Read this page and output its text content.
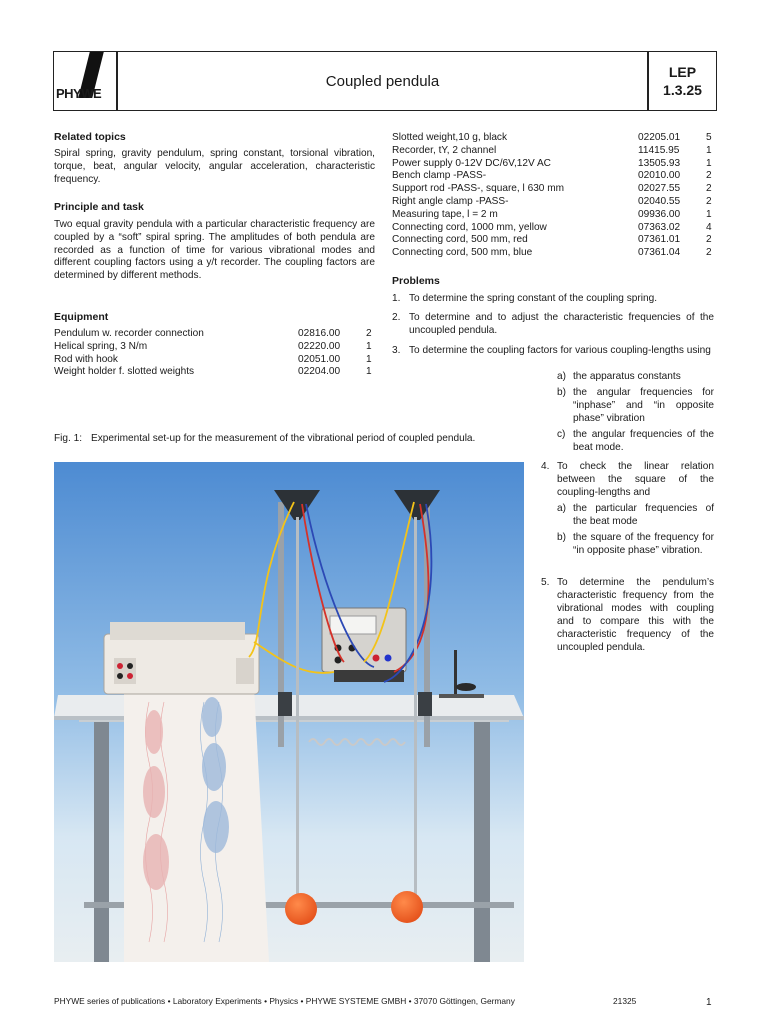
PHYWE
Coupled pendula
LEP
1.3.25
Related topics
Spiral spring, gravity pendulum, spring constant, torsional vibration, torque, beat, angular velocity, angular acceleration, characteristic frequency.
Principle and task
Two equal gravity pendula with a particular characteristic frequency are coupled by a “soft” spiral spring. The amplitudes of both pendula are recorded as a function of time for various vibrational modes and different coupling factors using a y/t recorder. The coupling factors are determined by different methods.
Equipment
Pendulum w. recorder connection	02816.00	2
Helical spring, 3 N/m	02220.00	1
Rod with hook	02051.00	1
Weight holder f. slotted weights	02204.00	1
Slotted weight,10 g, black	02205.01	5
Recorder, tY, 2 channel	11415.95	1
Power supply 0-12V DC/6V,12V AC	13505.93	1
Bench clamp -PASS-	02010.00	2
Support rod -PASS-, square, l 630 mm	02027.55	2
Right angle clamp -PASS-	02040.55	2
Measuring tape, l = 2 m	09936.00	1
Connecting cord, 1000 mm, yellow	07363.02	4
Connecting cord, 500 mm, red	07361.01	2
Connecting cord, 500 mm, blue	07361.04	2
Problems
1. To determine the spring constant of the coupling spring.
2. To determine and to adjust the characteristic frequencies of the uncoupled pendula.
3. To determine the coupling factors for various coupling-lengths using
a) the apparatus constants
b) the angular frequencies for “inphase” and “in opposite phase” vibration
c) the angular frequencies of the beat mode.
4. To check the linear relation between the square of the coupling-lengths and
a) the particular frequencies of the beat mode
b) the square of the frequency for “in opposite phase” vibration.
5. To determine the pendulum’s characteristic frequency from the vibrational modes with coupling and to compare this with the characteristic frequency of the uncoupled pendula.
Fig. 1: Experimental set-up for the measurement of the vibrational period of coupled pendula.
PHYWE series of publications • Laboratory Experiments • Physics • PHYWE SYSTEME GMBH • 37070 Göttingen, Germany	21325	1
